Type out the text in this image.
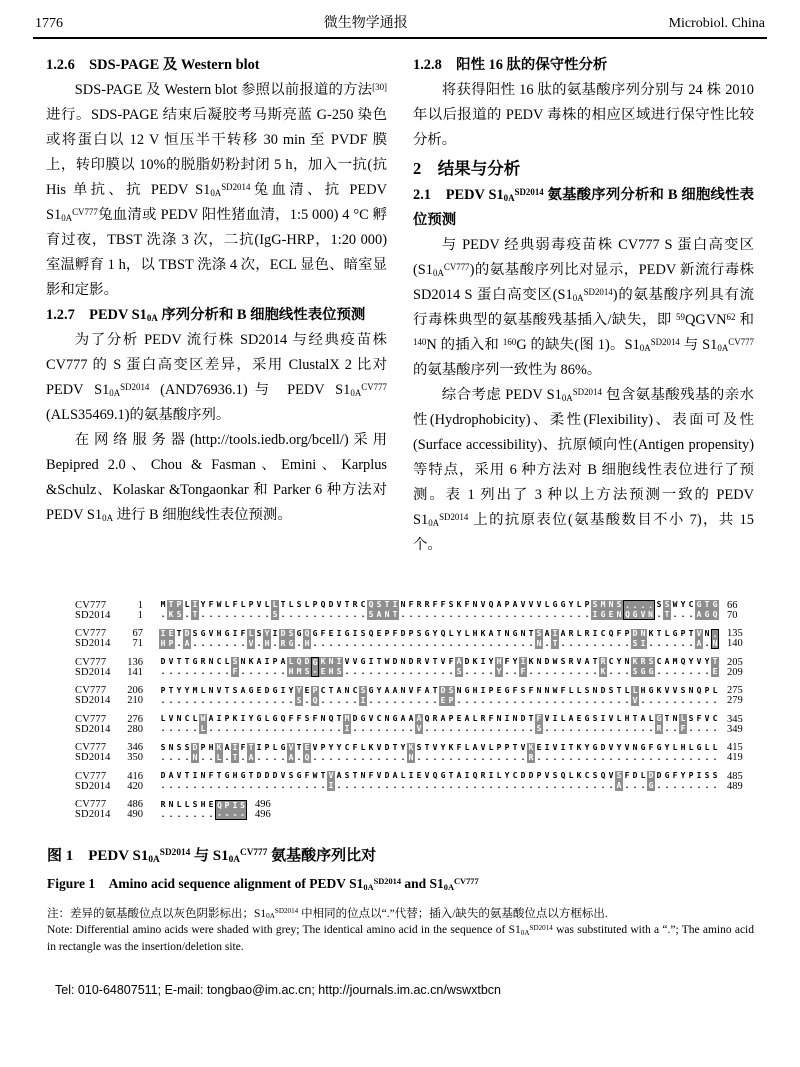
1776	微生物学通报	Microbiol. China

1.2.6　SDS-PAGE 及 Western blot

SDS-PAGE 及 Western blot 参照以前报道的方法[30]进行。SDS-PAGE 结束后凝胶考马斯亮蓝 G-250 染色或将蛋白以 12 V 恒压半干转移 30 min 至 PVDF 膜上，转印膜以 10%的脱脂奶粉封闭 5 h，加入一抗(抗 His 单抗、抗 PEDV $S1_{0A}^{SD2014}$兔血清、抗 PEDV $S1_{0A}^{CV777}$兔血清或 PEDV 阳性猪血清，1:5 000) 4 °C 孵育过夜，TBST 洗涤 3 次，二抗(IgG-HRP，1:20 000)室温孵育 1 h，以 TBST 洗涤 4 次，ECL 显色、暗室显影和定影。

1.2.7　PEDV $S1_{0A}$ 序列分析和 B 细胞线性表位预测

为了分析 PEDV 流行株 SD2014 与经典疫苗株 CV777 的 S 蛋白高变区差异，采用 ClustalX 2 比对 PEDV $S1_{0A}^{SD2014}$ (AND76936.1)与 PEDV $S1_{0A}^{CV777}$ (ALS35469.1)的氨基酸序列。

在网络服务器(http://tools.iedb.org/bcell/)采用 Bepipred 2.0、Chou & Fasman、Emini、Karplus &Schulz、Kolaskar &Tongaonkar 和 Parker 6 种方法对 PEDV $S1_{0A}$ 进行 B 细胞线性表位预测。

1.2.8　阳性 16 肽的保守性分析

将获得阳性 16 肽的氨基酸序列分别与 24 株 2010 年以后报道的 PEDV 毒株的相应区域进行保守性比较分析。

2　结果与分析

2.1　PEDV $S1_{0A}^{SD2014}$ 氨基酸序列分析和 B 细胞线性表位预测

与 PEDV 经典弱毒疫苗株 CV777 S 蛋白高变区$(S1_{0A}^{CV777})$的氨基酸序列比对显示，PEDV 新流行毒株 SD2014 S 蛋白高变区$(S1_{0A}^{SD2014})$的氨基酸序列具有流行毒株典型的氨基酸残基插入/缺失，即 $^{59}$QGVN$^{62}$ 和 $^{140}$N 的插入和 $^{160}$G 的缺失(图 1)。$S1_{0A}^{SD2014}$ 与 $S1_{0A}^{CV777}$ 的氨基酸序列一致性为 86%。

综合考虑 PEDV $S1_{0A}^{SD2014}$ 包含氨基酸残基的亲水性(Hydrophobicity)、柔性(Flexibility)、表面可及性(Surface accessibility)、抗原倾向性(Antigen propensity)等特点，采用 6 种方法对 B 细胞线性表位进行了预测。表 1 列出了 3 种以上方法预测一致的 PEDV $S1_{0A}^{SD2014}$ 上的抗原表位(氨基酸数目不小 7)，共 15 个。

CV777	1 M T P L I Y F W L F L P V L L T L S L P Q D V T R C Q S T I N F R R F F S K F N V Q A P A V V V L G G Y L P S M N S . . . . S S W Y C G T G 66
SD2014	1 . K S . T . . . . . . . . . S . . . . . . . . . . . S A N T . . . . . . . . . . . . . . . . . . . . . . . . I G E N Q G V N . T . . . A G Q 70
CV777	67 I E T D S G V H G I F L S Y I D S G Q G F E I G I S Q E P F D P S G Y Q L Y L H K A T N G N T S A I A R L R I C Q F P D N K T L G P T V N . 135
SD2014	71 H P . A . . . . . . . V . H . R G . H . . . . . . . . . . . . . . . . . . . . . . . . . . . . N . T . . . . . . . . . S I . . . . . . A . N 140
CV777	136 D V T T G R N C L S N K A I P A L Q D G K N I V V G I T W D N D R V T V F A D K I Y H F Y I K N D W S R V A T R C Y N K R S C A M Q Y V Y T 205
SD2014	141 . . . . . . . . . F . . . . . . H M S - E H S . . . . . . . . . . . . . . S . . . . Y . . F . . . . . . . . . K . . . S G G . . . . . . . E 209
CV777	206 P T Y Y M L N V T S A G E D G I Y Y E P C T A N C S G Y A A N V F A T D S N G H I P E G F S F N N W F L L S N D S T L L H G K V V S N Q P L 275
SD2014	210 . . . . . . . . . . . . . . . . . S . Q . . . . . I . . . . . . . . . E P . . . . . . . . . . . . . . . . . . . . . . V . . . . . . . . . . 279
CV777	276 L V N C L W A I P K I Y G L G Q F F S F N Q T M D G V C N G A A A Q R A P E A L R F N I N D T F V I L A E G S I V L H T A L G T N L S F V C 345
SD2014	280 . . . . . L . . . . . . . . . . . . . . . . . I . . . . . . . . V . . . . . . . . . . . . . . S . . . . . . . . . . . . . . R . . F . . . . 349
CV777	346 S N S S D P H K A I F T I P L G V T E V P Y Y C F L K V D T Y K S T V Y K F L A V L P P T V K E I V I T K Y G D V Y V N G F G Y L H L G L L 415
SD2014	350 . . . . N . . L . T . A . . . . A . Q . . . . . . . . . . . . N . . . . . . . . . . . . . . R . . . . . . . . . . . . . . . . . . . . . . . 419
CV777	416 D A V T I N F T G H G T D D D V S G F W T V A S T N F V D A L I E V Q G T A I Q R I L Y C D D P V S Q L K C S Q V S F D L D D G F Y P I S S 485
SD2014	420 . . . . . . . . . . . . . . . . . . . . . I . . . . . . . . . . . . . . . . . . . . . . . . . . . . . . . . . . . A . . . G . . . . . . . . 489
CV777	486 R N L L S H E Q P I S 496
SD2014	490 . . . . . . . - - - - 496

图 1　PEDV $S1_{0A}^{SD2014}$ 与 $S1_{0A}^{CV777}$ 氨基酸序列比对

Figure 1　Amino acid sequence alignment of PEDV $S1_{0A}^{SD2014}$ and $S1_{0A}^{CV777}$

注：差异的氨基酸位点以灰色阴影标出；$S1_{0A}^{SD2014}$ 中相同的位点以“.”代替；插入/缺失的氨基酸位点以方框标出.

Note: Differential amino acids were shaded with grey; The identical amino acid in the sequence of $S1_{0A}^{SD2014}$ was substituted with a “.”; The amino acid in rectangle was the insertion/deletion site.

Tel: 010-64807511; E-mail: tongbao@im.ac.cn; http://journals.im.ac.cn/wswxtbcn
